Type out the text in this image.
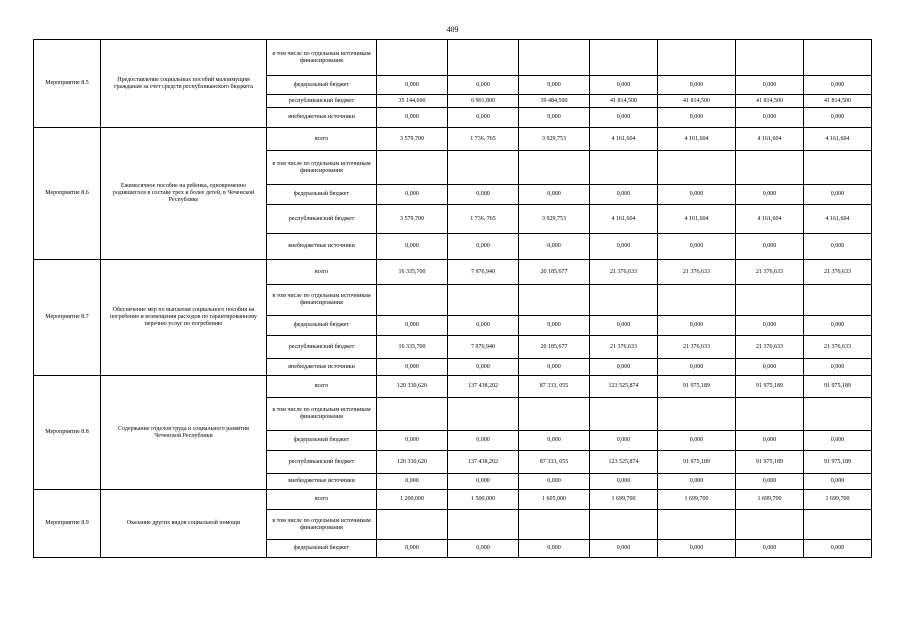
409
Мероприятие 8.5	Предоставление социальных пособий малоимущим гражданам за счет средств республиканского бюджета	в том числе по отдельным источникам финансирования							
		федеральный бюджет	0,000	0,000	0,000	0,000	0,000	0,000	0,000
		республиканский бюджет	35 144,600	6 901,800	39 484,500	41 814,500	41 814,500	41 814,500	41 814,500
		внебюджетные источники	0,000	0,000	0,000	0,000	0,000	0,000	0,000
Мероприятие 8.6	Ежемесячное пособие на ребенка, одновременно родившегося в составе трех и более детей, в Чеченской Республике	всего	3 579,700	1 736, 765	3 929,753	4 161,604	4 161,604	4 161,604	4 161,604
		в том числе по отдельным источникам финансирования							
		федеральный бюджет	0,000	0,000	0,000	0,000	0,000	0,000	0,000
		республиканский бюджет	3 579,700	1 736, 765	3 929,753	4 161,604	4 161,604	4 161,604	4 161,604
		внебюджетные источники	0,000	0,000	0,000	0,000	0,000	0,000	0,000
Мероприятие 8.7	Обеспечение мер по выплатам социального пособия на погребение и возмещения расходов по гарантированному перечню услуг по погребению	всего	16 335,700	7 976,940	20 185,677	21 376,633	21 376,633	21 376,633	21 376,633
		в том числе по отдельным источникам финансирования							
		федеральный бюджет	0,000	0,000	0,000	0,000	0,000	0,000	0,000
		республиканский бюджет	16 335,700	7 976,940	20 185,677	21 376,633	21 376,633	21 376,633	21 376,633
		внебюджетные источники	0,000	0,000	0,000	0,000	0,000	0,000	0,000
Мероприятие 8.8	Содержание отделов труда и социального развития Чеченской Республики	всего	120 330,620	137 438,202	87 333, 055	123 525,874	91 975,189	91 975,189	91 975,189
		в том числе по отдельным источникам финансирования							
		федеральный бюджет	0,000	0,000	0,000	0,000	0,000	0,000	0,000
		республиканский бюджет	120 330,620	137 438,202	87 333, 055	123 525,874	91 975,189	91 975,189	91 975,189
		внебюджетные источники	0,000	0,000	0,000	0,000	0,000	0,000	0,000
Мероприятие 8.9	Оказание других видов социальной помощи	всего	1 200,000	1 500,000	1 605,000	1 699,700	1 699,700	1 699,700	1 699,700
		в том числе по отдельным источникам финансирования							
		федеральный бюджет	0,000	0,000	0,000	0,000	0,000	0,000	0,000
